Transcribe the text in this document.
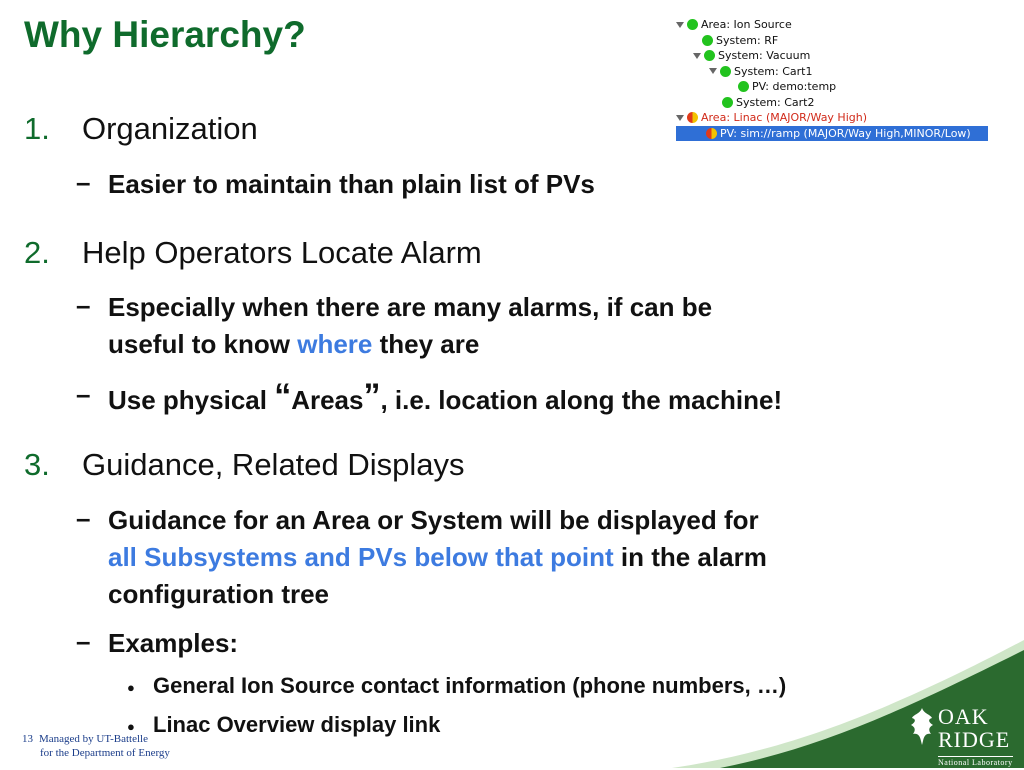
Why Hierarchy?	Area: Ion Source
System: RF
System: Vacuum
System: Cart1
PV: demo:temp
System: Cart2
Area: Linac (MAJOR/Way High)
PV: sim://ramp (MAJOR/Way High,MINOR/Low)
1. Organization
– Easier to maintain than plain list of PVs
2. Help Operators Locate Alarm
– Especially when there are many alarms, if can be
useful to know where they are
– Use physical “Areas”, i.e. location along the machine!
3. Guidance, Related Displays
– Guidance for an Area or System will be displayed for
all Subsystems and PVs below that point in the alarm
configuration tree
– Examples:
● General Ion Source contact information (phone numbers, …)
● Linac Overview display link	OAK
RIDGE
National Laboratory
13 Managed by UT-Battelle
for the Department of Energy
